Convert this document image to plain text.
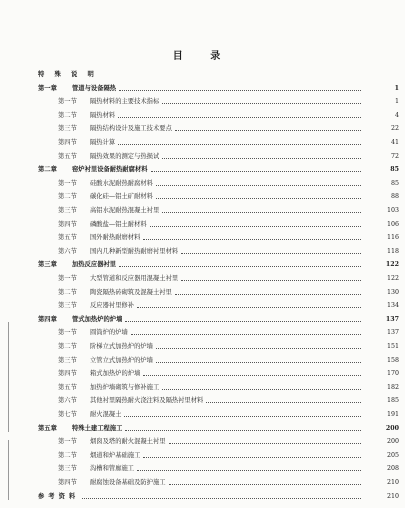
目 录
特 殊 说 明
第一章 管道与设备隔热	1
第一节 隔热材料的主要技术指标	1
第二节 隔热材料	4
第三节 隔热结构设计及施工技术要点	22
第四节 隔热计算	41
第五节 隔热效果的测定与热损试	72
第二章 窑炉衬里设备耐热耐腐材料	85
第一节 硅酸水泥耐热耐腐材料	85
第二节 碳化硅—铝土矿耐材料	88
第三节 高铝水泥耐热混凝土衬里	103
第四节 磷酸盐—铝土耐材料	106
第五节 国外耐热耐磨材料	116
第六节 国内几种新型耐热耐磨衬里材料	118
第三章 加热反应器衬里	122
第一节 大型管道和反应器用混凝土衬里	122
第二节 陶瓷隔热砖砌筑及混凝土衬里	130
第三节 反应器衬里修补	134
第四章 管式加热炉的炉墙	137
第一节 圆筒炉的炉墙	137
第二节 阶梯立式加热炉的炉墙	151
第三节 立管立式加热炉的炉墙	158
第四节 箱式加热炉的炉墙	170
第五节 加热炉墙砌筑与修补施工	182
第六节 其他衬里隔热耐火浇注料及隔热衬里材料	185
第七节 耐火混凝土	191
第五章 特殊土建工程施工	200
第一节 烟囱及塔的耐火混凝土衬里	200
第二节 烟道和炉基础施工	205
第三节 沟槽和管廊施工	208
第四节 耐腐蚀设备基础及防护施工	210
参考资料	210
